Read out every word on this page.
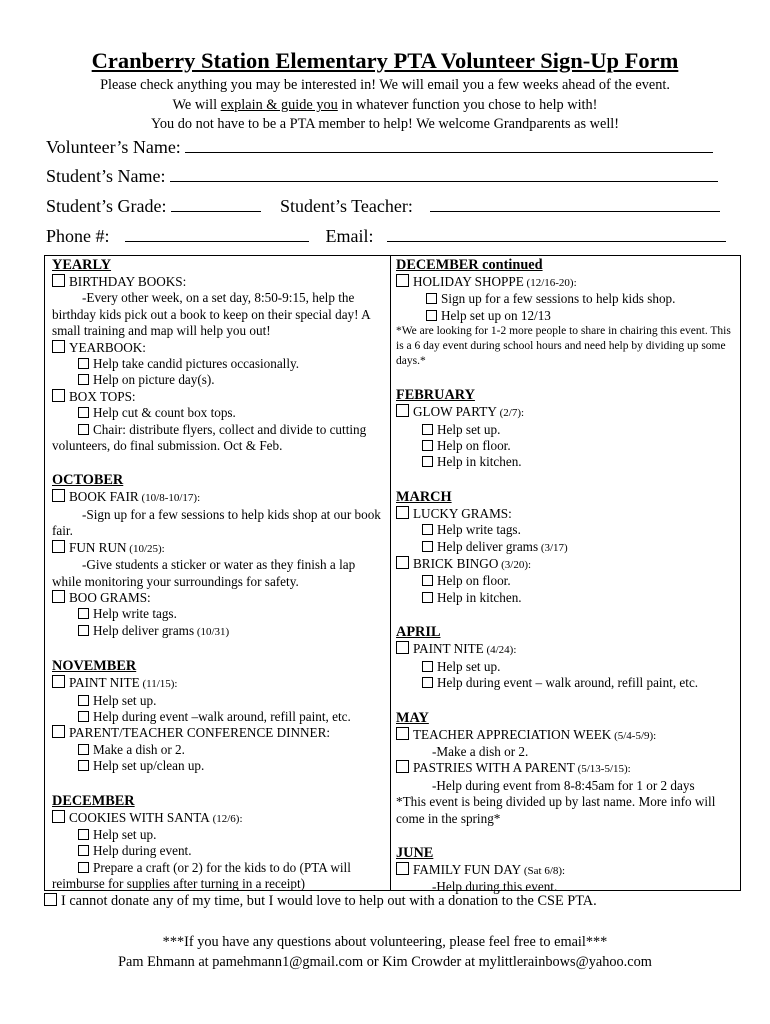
Cranberry Station Elementary PTA Volunteer Sign-Up Form
Please check anything you may be interested in! We will email you a few weeks ahead of the event.
We will explain & guide you in whatever function you chose to help with!
You do not have to be a PTA member to help! We welcome Grandparents as well!
Volunteer’s Name:
Student’s Name:
Student’s Grade:	Student’s Teacher:
Phone #:	Email:
YEARLY
BIRTHDAY BOOKS:
-Every other week, on a set day, 8:50-9:15, help the birthday kids pick out a book to keep on their special day! A small training and map will help you out!
YEARBOOK:
Help take candid pictures occasionally.
Help on picture day(s).
BOX TOPS:
Help cut & count box tops.
Chair: distribute flyers, collect and divide to cutting volunteers, do final submission. Oct & Feb.
OCTOBER
BOOK FAIR (10/8-10/17):
-Sign up for a few sessions to help kids shop at our book fair.
FUN RUN (10/25):
-Give students a sticker or water as they finish a lap while monitoring your surroundings for safety.
BOO GRAMS:
Help write tags.
Help deliver grams (10/31)
NOVEMBER
PAINT NITE (11/15):
Help set up.
Help during event –walk around, refill paint, etc.
PARENT/TEACHER CONFERENCE DINNER:
Make a dish or 2.
Help set up/clean up.
DECEMBER
COOKIES WITH SANTA (12/6):
Help set up.
Help during event.
Prepare a craft (or 2) for the kids to do (PTA will reimburse for supplies after turning in a receipt)
DECEMBER continued
HOLIDAY SHOPPE (12/16-20):
Sign up for a few sessions to help kids shop.
Help set up on 12/13
*We are looking for 1-2 more people to share in chairing this event. This is a 6 day event during school hours and need help by dividing up some days.*
FEBRUARY
GLOW PARTY (2/7):
Help set up.
Help on floor.
Help in kitchen.
MARCH
LUCKY GRAMS:
Help write tags.
Help deliver grams (3/17)
BRICK BINGO (3/20):
Help on floor.
Help in kitchen.
APRIL
PAINT NITE (4/24):
Help set up.
Help during event – walk around, refill paint, etc.
MAY
TEACHER APPRECIATION WEEK (5/4-5/9):
-Make a dish or 2.
PASTRIES WITH A PARENT (5/13-5/15):
-Help during event from 8-8:45am for 1 or 2 days
*This event is being divided up by last name. More info will come in the spring*
JUNE
FAMILY FUN DAY (Sat 6/8):
-Help during this event.
I cannot donate any of my time, but I would love to help out with a donation to the CSE PTA.
***If you have any questions about volunteering, please feel free to email***
Pam Ehmann at pamehmann1@gmail.com or Kim Crowder at mylittlerainbows@yahoo.com
